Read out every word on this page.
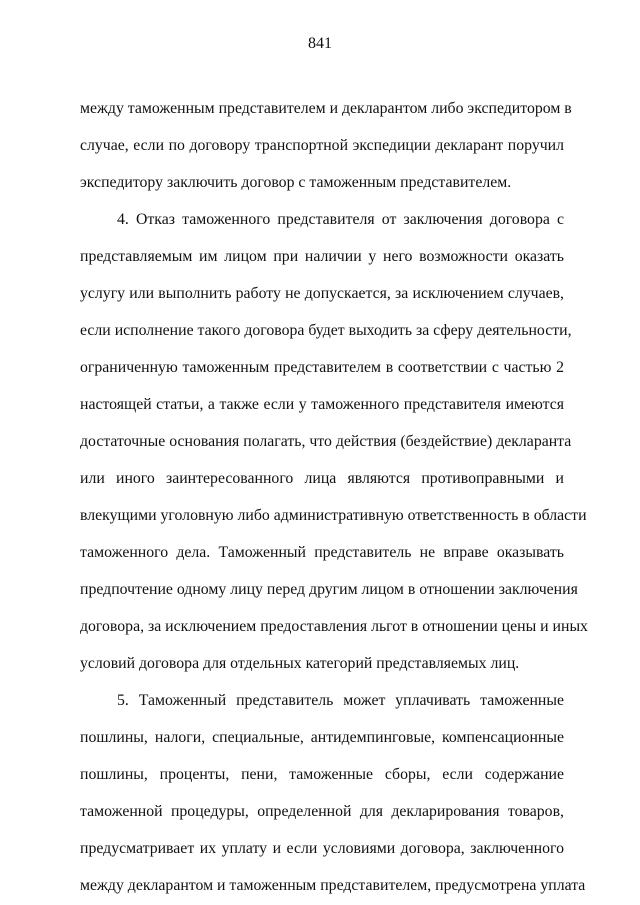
841
между таможенным представителем и декларантом либо экспедитором в
случае, если по договору транспортной экспедиции декларант поручил
экспедитору заключить договор с таможенным представителем.
4. Отказ таможенного представителя от заключения договора с
представляемым им лицом при наличии у него возможности оказать
услугу или выполнить работу не допускается, за исключением случаев,
если исполнение такого договора будет выходить за сферу деятельности,
ограниченную таможенным представителем в соответствии с частью 2
настоящей статьи, а также если у таможенного представителя имеются
достаточные основания полагать, что действия (бездействие) декларанта
или иного заинтересованного лица являются противоправными и
влекущими уголовную либо административную ответственность в области
таможенного дела. Таможенный представитель не вправе оказывать
предпочтение одному лицу перед другим лицом в отношении заключения
договора, за исключением предоставления льгот в отношении цены и иных
условий договора для отдельных категорий представляемых лиц.
5. Таможенный представитель может уплачивать таможенные
пошлины, налоги, специальные, антидемпинговые, компенсационные
пошлины, проценты, пени, таможенные сборы, если содержание
таможенной процедуры, определенной для декларирования товаров,
предусматривает их уплату и если условиями договора, заключенного
между декларантом и таможенным представителем, предусмотрена уплата
